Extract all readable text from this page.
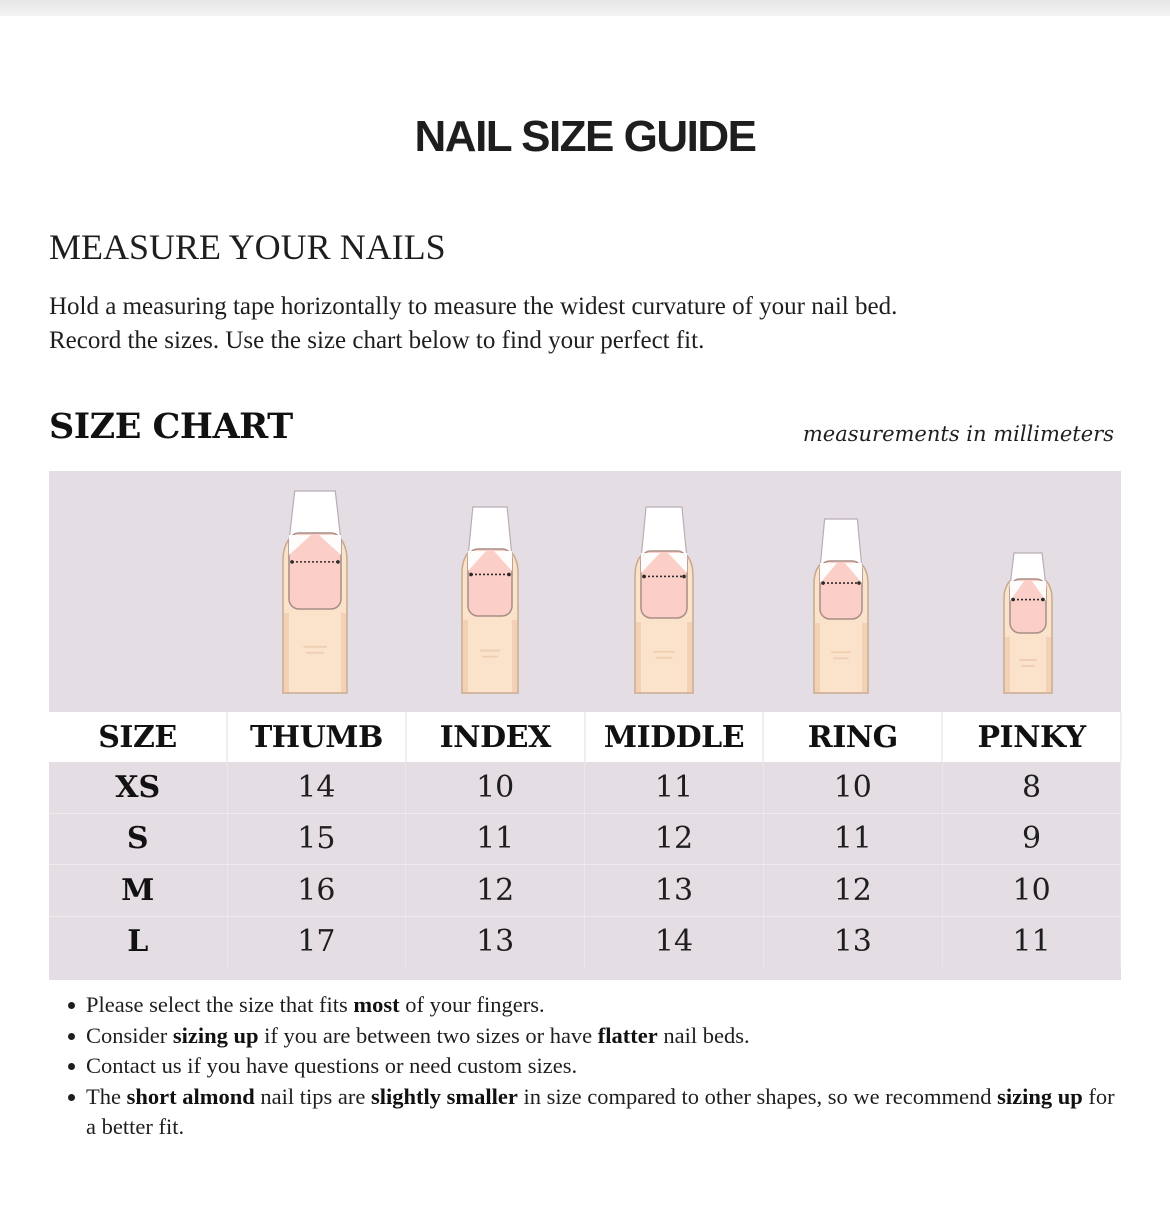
NAIL SIZE GUIDE
MEASURE YOUR NAILS

Hold a measuring tape horizontally to measure the widest curvature of your nail bed.
Record the sizes. Use the size chart below to find your perfect fit.

SIZE CHART	measurements in millimeters
SIZE	THUMB	INDEX	MIDDLE	RING	PINKY
XS	14	10	11	10	8
S	15	11	12	11	9
M	16	12	13	12	10
L	17	13	14	13	11
Please select the size that fits most of your fingers.
Consider sizing up if you are between two sizes or have flatter nail beds.
Contact us if you have questions or need custom sizes.
The short almond nail tips are slightly smaller in size compared to other shapes, so we recommend sizing up for a better fit.
